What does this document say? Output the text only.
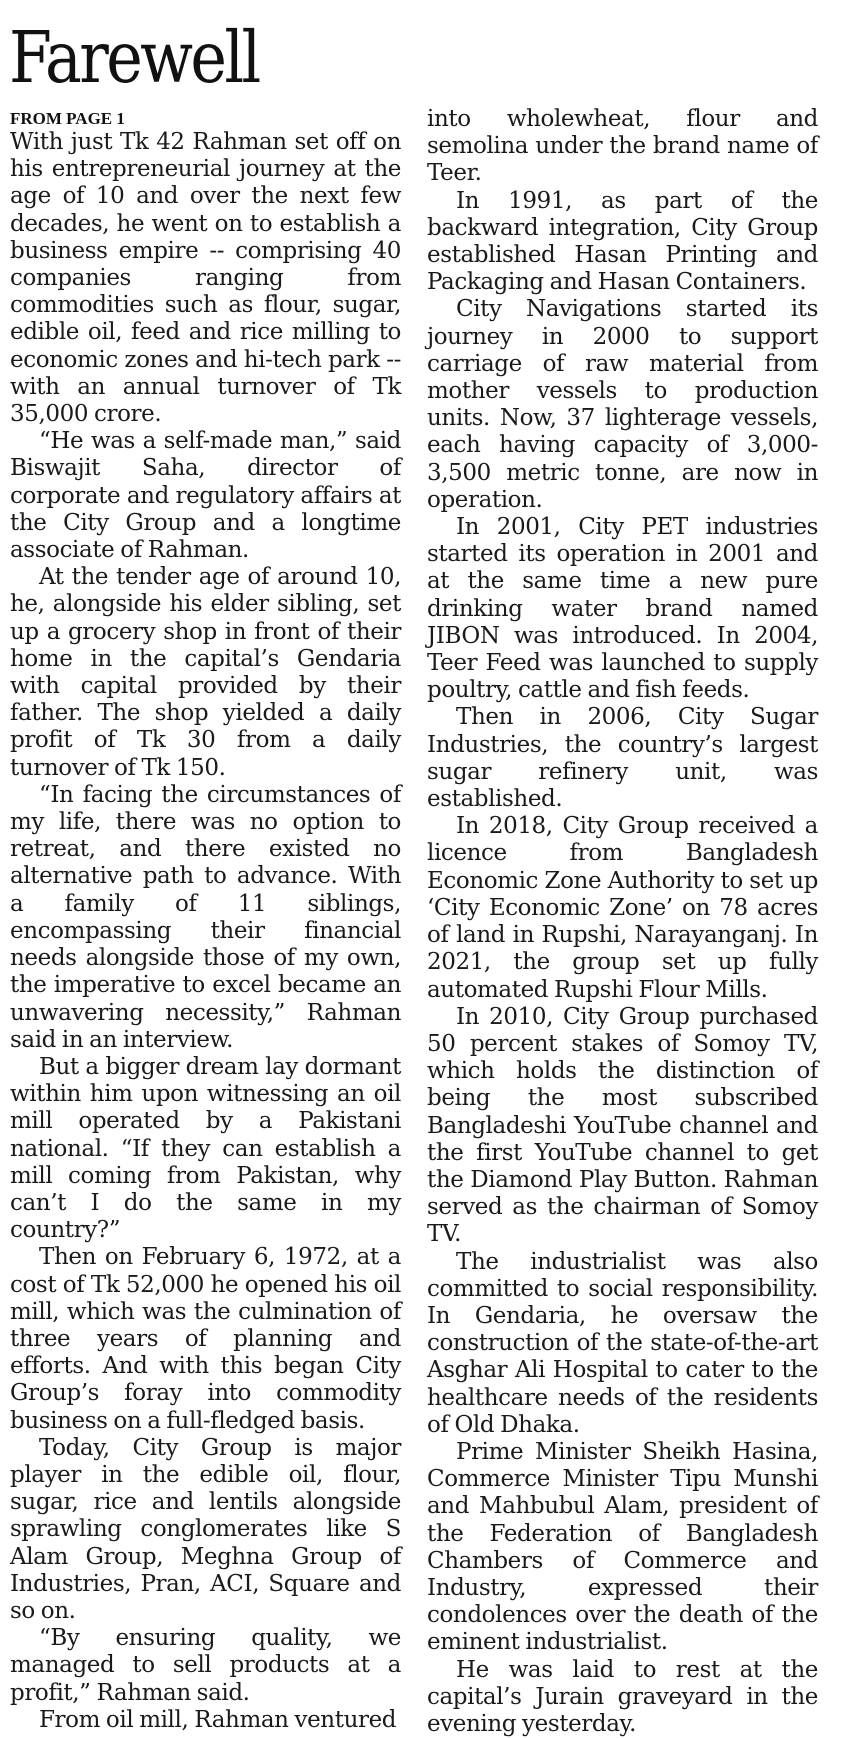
Farewell
FROM PAGE 1

With just Tk 42 Rahman set off on his entrepreneurial journey at the age of 10 and over the next few decades, he went on to establish a business empire -- comprising 40 companies ranging from commodities such as flour, sugar, edible oil, feed and rice milling to economic zones and hi-tech park -- with an annual turnover of Tk 35,000 crore.

“He was a self-made man,” said Biswajit Saha, director of corporate and regulatory affairs at the City Group and a longtime associate of Rahman.

At the tender age of around 10, he, alongside his elder sibling, set up a grocery shop in front of their home in the capital’s Gendaria with capital provided by their father. The shop yielded a daily profit of Tk 30 from a daily turnover of Tk 150.

“In facing the circumstances of my life, there was no option to retreat, and there existed no alternative path to advance. With a family of 11 siblings, encompassing their financial needs alongside those of my own, the imperative to excel became an unwavering necessity,” Rahman said in an interview.

But a bigger dream lay dormant within him upon witnessing an oil mill operated by a Pakistani national. “If they can establish a mill coming from Pakistan, why can’t I do the same in my country?”

Then on February 6, 1972, at a cost of Tk 52,000 he opened his oil mill, which was the culmination of three years of planning and efforts. And with this began City Group’s foray into commodity business on a full-fledged basis.

Today, City Group is major player in the edible oil, flour, sugar, rice and lentils alongside sprawling conglomerates like S Alam Group, Meghna Group of Industries, Pran, ACI, Square and so on.

“By ensuring quality, we managed to sell products at a profit,” Rahman said.

From oil mill, Rahman ventured

into wholewheat, flour and semolina under the brand name of Teer.

In 1991, as part of the backward integration, City Group established Hasan Printing and Packaging and Hasan Containers.

City Navigations started its journey in 2000 to support carriage of raw material from mother vessels to production units. Now, 37 lighterage vessels, each having capacity of 3,000-3,500 metric tonne, are now in operation.

In 2001, City PET industries started its operation in 2001 and at the same time a new pure drinking water brand named JIBON was introduced. In 2004, Teer Feed was launched to supply poultry, cattle and fish feeds.

Then in 2006, City Sugar Industries, the country’s largest sugar refinery unit, was established.

In 2018, City Group received a licence from Bangladesh Economic Zone Authority to set up ‘City Economic Zone’ on 78 acres of land in Rupshi, Narayanganj. In 2021, the group set up fully automated Rupshi Flour Mills.

In 2010, City Group purchased 50 percent stakes of Somoy TV, which holds the distinction of being the most subscribed Bangladeshi YouTube channel and the first YouTube channel to get the Diamond Play Button. Rahman served as the chairman of Somoy TV.

The industrialist was also committed to social responsibility. In Gendaria, he oversaw the construction of the state-of-the-art Asghar Ali Hospital to cater to the healthcare needs of the residents of Old Dhaka.

Prime Minister Sheikh Hasina, Commerce Minister Tipu Munshi and Mahbubul Alam, president of the Federation of Bangladesh Chambers of Commerce and Industry, expressed their condolences over the death of the eminent industrialist.

He was laid to rest at the capital’s Jurain graveyard in the evening yesterday.
